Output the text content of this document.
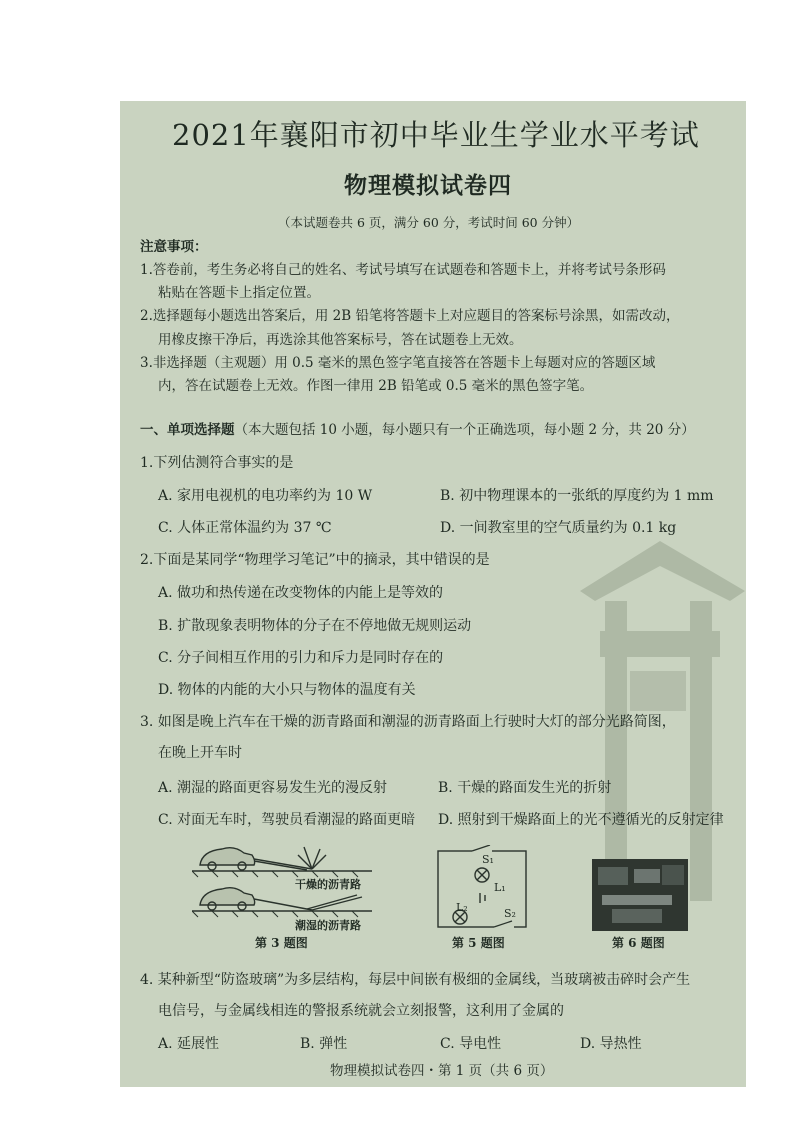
2021年襄阳市初中毕业生学业水平考试
物理模拟试卷四
（本试题卷共 6 页，满分 60 分，考试时间 60 分钟）
注意事项：
1.答卷前，考生务必将自己的姓名、考试号填写在试题卷和答题卡上，并将考试号条形码
粘贴在答题卡上指定位置。
2.选择题每小题选出答案后，用 2B 铅笔将答题卡上对应题目的答案标号涂黑，如需改动，
用橡皮擦干净后，再选涂其他答案标号，答在试题卷上无效。
3.非选择题（主观题）用 0.5 毫米的黑色签字笔直接答在答题卡上每题对应的答题区域
内，答在试题卷上无效。作图一律用 2B 铅笔或 0.5 毫米的黑色签字笔。
一、单项选择题（本大题包括 10 小题，每小题只有一个正确选项，每小题 2 分，共 20 分）
1.下列估测符合事实的是
A. 家用电视机的电功率约为 10 W	B. 初中物理课本的一张纸的厚度约为 1 mm
C. 人体正常体温约为 37 ℃	D. 一间教室里的空气质量约为 0.1 kg
2.下面是某同学“物理学习笔记”中的摘录，其中错误的是
A. 做功和热传递在改变物体的内能上是等效的
B. 扩散现象表明物体的分子在不停地做无规则运动
C. 分子间相互作用的引力和斥力是同时存在的
D. 物体的内能的大小只与物体的温度有关
3. 如图是晚上汽车在干燥的沥青路面和潮湿的沥青路面上行驶时大灯的部分光路简图，
在晚上开车时
A. 潮湿的路面更容易发生光的漫反射	B. 干燥的路面发生光的折射
C. 对面无车时，驾驶员看潮湿的路面更暗 D. 照射到干燥路面上的光不遵循光的反射定律
干燥的沥青路
潮湿的沥青路
第 3 题图
S₁
L₁
L₂	S₂
第 5 题图	第 6 题图
4. 某种新型“防盗玻璃”为多层结构，每层中间嵌有极细的金属线，当玻璃被击碎时会产生
电信号，与金属线相连的警报系统就会立刻报警，这利用了金属的
A. 延展性	B. 弹性	C. 导电性	D. 导热性
物理模拟试卷四・第 1 页（共 6 页）
